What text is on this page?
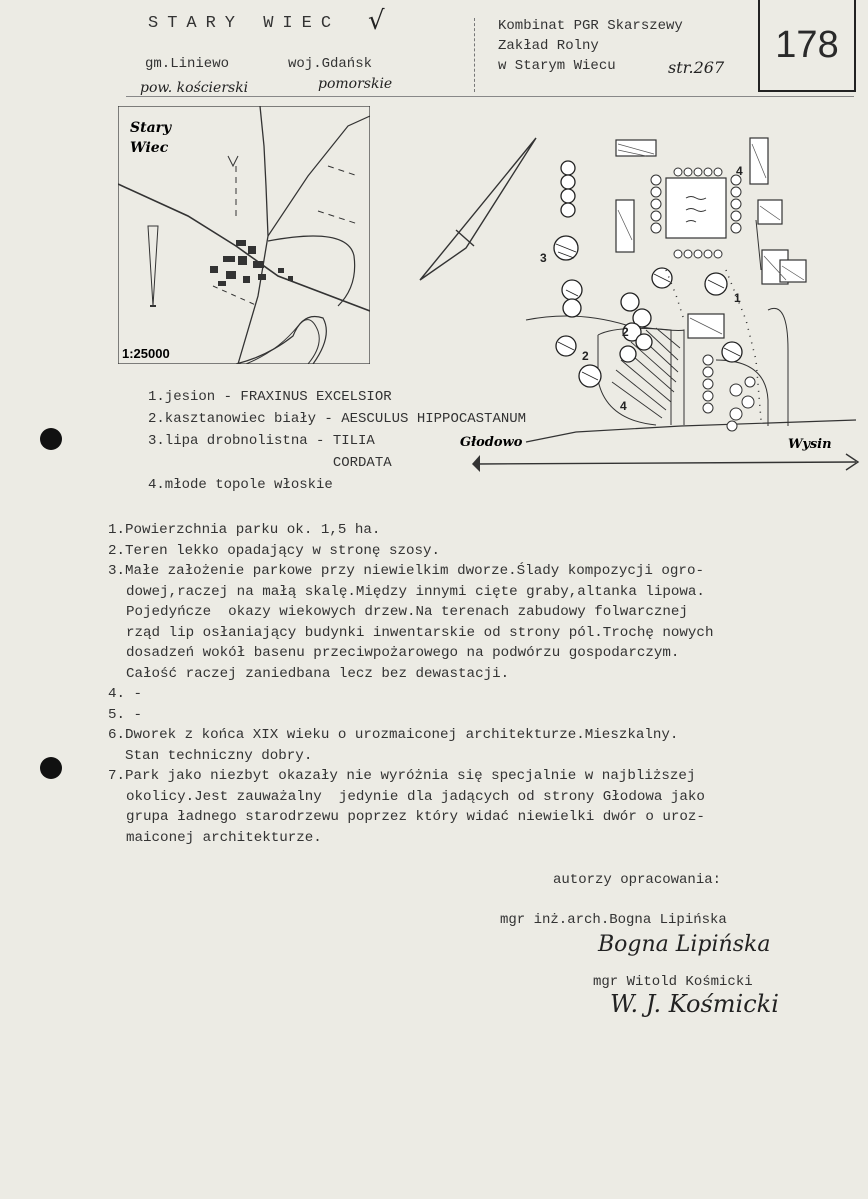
STARY WIEC √
gm.Liniewo	woj.Gdańsk
pow. kościerski	pomorskie
Kombinat PGR Skarszewy
Zakład Rolny
w Starym Wiecu	str.267
178
Stary
Wiec
1:25000
Głodowo	Wysin
4
3
1
2
2
4
1.jesion - FRAXINUS EXCELSIOR
2.kasztanowiec biały - AESCULUS HIPPOCASTANUM
3.lipa drobnolistna - TILIA
CORDATA
4.młode topole włoskie

1.Powierzchnia parku ok. 1,5 ha.

2.Teren lekko opadający w stronę szosy.

3.Małe założenie parkowe przy niewielkim dworze.Ślady kompozycji ogro-

dowej,raczej na małą skalę.Między innymi cięte graby,altanka lipowa.

Pojedyńcze  okazy wiekowych drzew.Na terenach zabudowy folwarcznej

rząd lip osłaniający budynki inwentarskie od strony pól.Trochę nowych

dosadzeń wokół basenu przeciwpożarowego na podwórzu gospodarczym.

Całość raczej zaniedbana lecz bez dewastacji.

4. -

5. -

6.Dworek z końca XIX wieku o urozmaiconej architekturze.Mieszkalny.

Stan techniczny dobry.

7.Park jako niezbyt okazały nie wyróżnia się specjalnie w najbliższej

okolicy.Jest zauważalny  jedynie dla jadących od strony Głodowa jako

grupa ładnego starodrzewu poprzez który widać niewielki dwór o uroz-

maiconej architekturze.

autorzy opracowania:
mgr inż.arch.Bogna Lipińska
Bogna Lipińska
mgr Witold Kośmicki
W. J. Kośmicki
